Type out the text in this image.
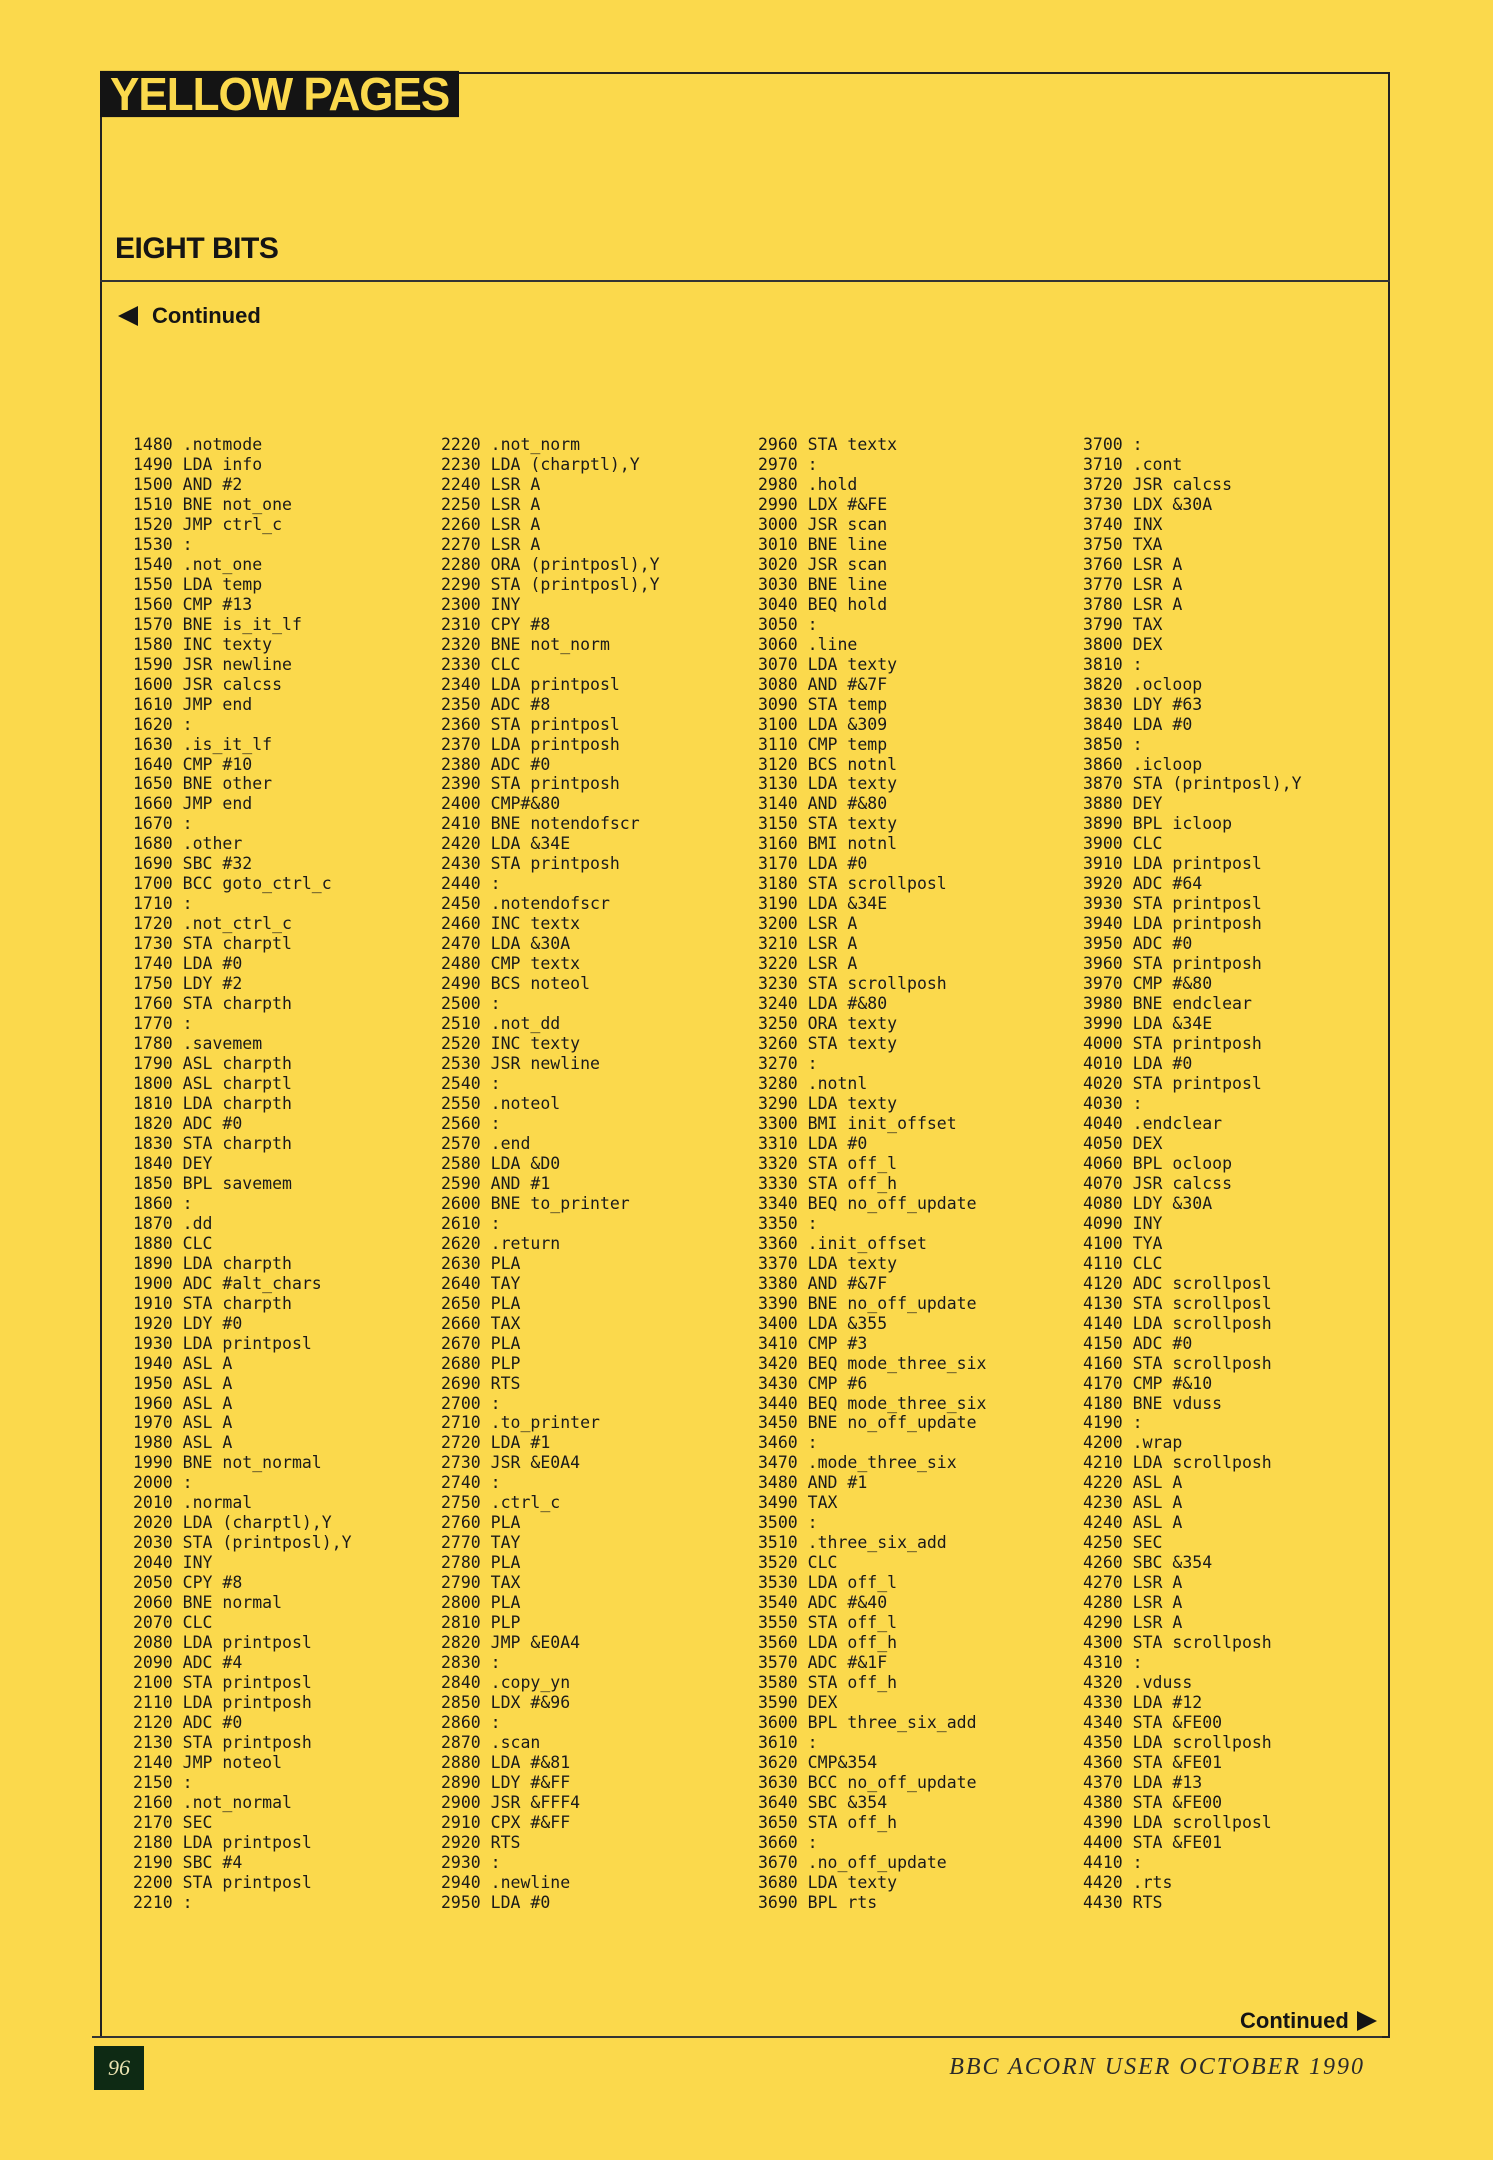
YELLOW PAGES
EIGHT BITS
Continued
1480 .notmode
1490 LDA info
1500 AND #2
1510 BNE not_one
1520 JMP ctrl_c
1530 :
1540 .not_one
1550 LDA temp
1560 CMP #13
1570 BNE is_it_lf
1580 INC texty
1590 JSR newline
1600 JSR calcss
1610 JMP end
1620 :
1630 .is_it_lf
1640 CMP #10
1650 BNE other
1660 JMP end
1670 :
1680 .other
1690 SBC #32
1700 BCC goto_ctrl_c
1710 :
1720 .not_ctrl_c
1730 STA charptl
1740 LDA #0
1750 LDY #2
1760 STA charpth
1770 :
1780 .savemem
1790 ASL charpth
1800 ASL charptl
1810 LDA charpth
1820 ADC #0
1830 STA charpth
1840 DEY
1850 BPL savemem
1860 :
1870 .dd
1880 CLC
1890 LDA charpth
1900 ADC #alt_chars
1910 STA charpth
1920 LDY #0
1930 LDA printposl
1940 ASL A
1950 ASL A
1960 ASL A
1970 ASL A
1980 ASL A
1990 BNE not_normal
2000 :
2010 .normal
2020 LDA (charptl),Y
2030 STA (printposl),Y
2040 INY
2050 CPY #8
2060 BNE normal
2070 CLC
2080 LDA printposl
2090 ADC #4
2100 STA printposl
2110 LDA printposh
2120 ADC #0
2130 STA printposh
2140 JMP noteol
2150 :
2160 .not_normal
2170 SEC
2180 LDA printposl
2190 SBC #4
2200 STA printposl
2210 :
2220 .not_norm
2230 LDA (charptl),Y
2240 LSR A
2250 LSR A
2260 LSR A
2270 LSR A
2280 ORA (printposl),Y
2290 STA (printposl),Y
2300 INY
2310 CPY #8
2320 BNE not_norm
2330 CLC
2340 LDA printposl
2350 ADC #8
2360 STA printposl
2370 LDA printposh
2380 ADC #0
2390 STA printposh
2400 CMP#&80
2410 BNE notendofscr
2420 LDA &34E
2430 STA printposh
2440 :
2450 .notendofscr
2460 INC textx
2470 LDA &30A
2480 CMP textx
2490 BCS noteol
2500 :
2510 .not_dd
2520 INC texty
2530 JSR newline
2540 :
2550 .noteol
2560 :
2570 .end
2580 LDA &D0
2590 AND #1
2600 BNE to_printer
2610 :
2620 .return
2630 PLA
2640 TAY
2650 PLA
2660 TAX
2670 PLA
2680 PLP
2690 RTS
2700 :
2710 .to_printer
2720 LDA #1
2730 JSR &E0A4
2740 :
2750 .ctrl_c
2760 PLA
2770 TAY
2780 PLA
2790 TAX
2800 PLA
2810 PLP
2820 JMP &E0A4
2830 :
2840 .copy_yn
2850 LDX #&96
2860 :
2870 .scan
2880 LDA #&81
2890 LDY #&FF
2900 JSR &FFF4
2910 CPX #&FF
2920 RTS
2930 :
2940 .newline
2950 LDA #0
2960 STA textx
2970 :
2980 .hold
2990 LDX #&FE
3000 JSR scan
3010 BNE line
3020 JSR scan
3030 BNE line
3040 BEQ hold
3050 :
3060 .line
3070 LDA texty
3080 AND #&7F
3090 STA temp
3100 LDA &309
3110 CMP temp
3120 BCS notnl
3130 LDA texty
3140 AND #&80
3150 STA texty
3160 BMI notnl
3170 LDA #0
3180 STA scrollposl
3190 LDA &34E
3200 LSR A
3210 LSR A
3220 LSR A
3230 STA scrollposh
3240 LDA #&80
3250 ORA texty
3260 STA texty
3270 :
3280 .notnl
3290 LDA texty
3300 BMI init_offset
3310 LDA #0
3320 STA off_l
3330 STA off_h
3340 BEQ no_off_update
3350 :
3360 .init_offset
3370 LDA texty
3380 AND #&7F
3390 BNE no_off_update
3400 LDA &355
3410 CMP #3
3420 BEQ mode_three_six
3430 CMP #6
3440 BEQ mode_three_six
3450 BNE no_off_update
3460 :
3470 .mode_three_six
3480 AND #1
3490 TAX
3500 :
3510 .three_six_add
3520 CLC
3530 LDA off_l
3540 ADC #&40
3550 STA off_l
3560 LDA off_h
3570 ADC #&1F
3580 STA off_h
3590 DEX
3600 BPL three_six_add
3610 :
3620 CMP&354
3630 BCC no_off_update
3640 SBC &354
3650 STA off_h
3660 :
3670 .no_off_update
3680 LDA texty
3690 BPL rts
3700 :
3710 .cont
3720 JSR calcss
3730 LDX &30A
3740 INX
3750 TXA
3760 LSR A
3770 LSR A
3780 LSR A
3790 TAX
3800 DEX
3810 :
3820 .ocloop
3830 LDY #63
3840 LDA #0
3850 :
3860 .icloop
3870 STA (printposl),Y
3880 DEY
3890 BPL icloop
3900 CLC
3910 LDA printposl
3920 ADC #64
3930 STA printposl
3940 LDA printposh
3950 ADC #0
3960 STA printposh
3970 CMP #&80
3980 BNE endclear
3990 LDA &34E
4000 STA printposh
4010 LDA #0
4020 STA printposl
4030 :
4040 .endclear
4050 DEX
4060 BPL ocloop
4070 JSR calcss
4080 LDY &30A
4090 INY
4100 TYA
4110 CLC
4120 ADC scrollposl
4130 STA scrollposl
4140 LDA scrollposh
4150 ADC #0
4160 STA scrollposh
4170 CMP #&10
4180 BNE vduss
4190 :
4200 .wrap
4210 LDA scrollposh
4220 ASL A
4230 ASL A
4240 ASL A
4250 SEC
4260 SBC &354
4270 LSR A
4280 LSR A
4290 LSR A
4300 STA scrollposh
4310 :
4320 .vduss
4330 LDA #12
4340 STA &FE00
4350 LDA scrollposh
4360 STA &FE01
4370 LDA #13
4380 STA &FE00
4390 LDA scrollposl
4400 STA &FE01
4410 :
4420 .rts
4430 RTS
Continued
96	BBC ACORN USER OCTOBER 1990
